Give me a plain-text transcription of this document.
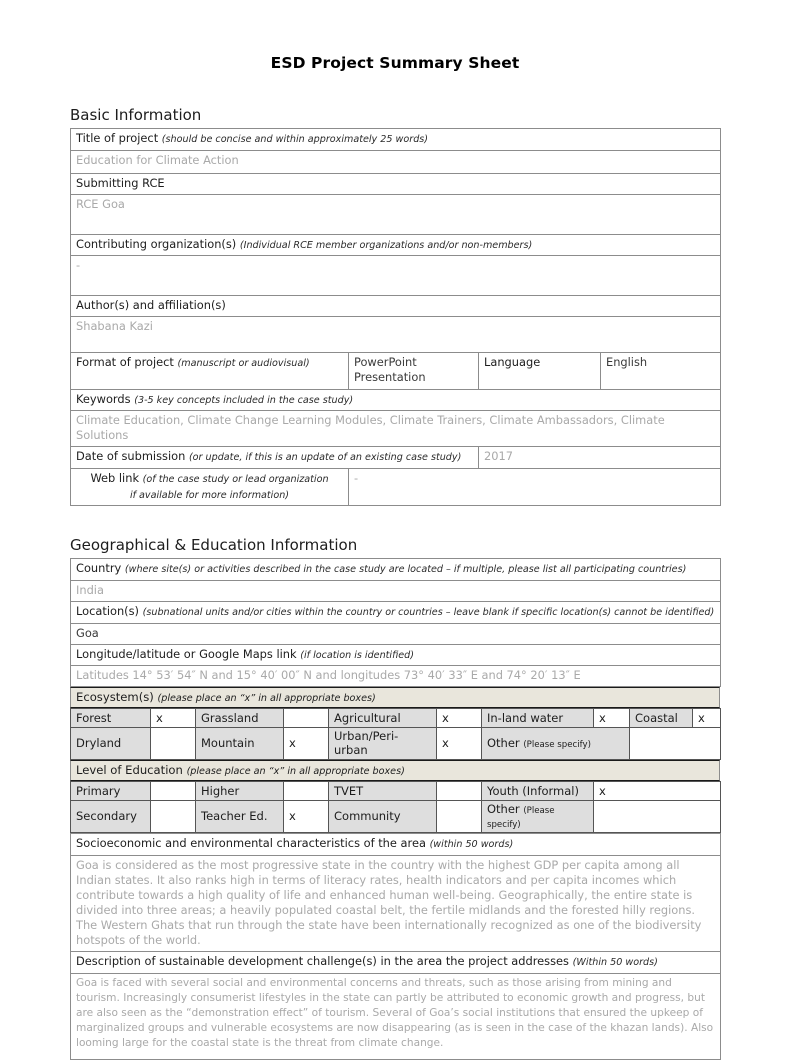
ESD Project Summary Sheet
Basic Information
Title of project (should be concise and within approximately 25 words)			
Education for Climate Action			
Submitting RCE			
RCE Goa			
Contributing organization(s) (Individual RCE member organizations and/or non-members)			
-			
Author(s) and affiliation(s)			
Shabana Kazi			
Format of project (manuscript or audiovisual)	PowerPoint Presentation	Language	English
Keywords (3-5 key concepts included in the case study)			
Climate Education, Climate Change Learning Modules, Climate Trainers, Climate Ambassadors, Climate Solutions			
Date of submission (or update, if this is an update of an existing case study)		2017	
Web link (of the case study or lead organization
if available for more information)	-		
Geographical & Education Information
Country (where site(s) or activities described in the case study are located – if multiple, please list all participating countries)
India
Location(s) (subnational units and/or cities within the country or countries – leave blank if specific location(s) cannot be identified)
Goa
Longitude/latitude or Google Maps link (if location is identified)
Latitudes 14° 53′ 54″ N and 15° 40′ 00″ N and longitudes 73° 40′ 33″ E and 74° 20′ 13″ E
Ecosystem(s) (please place an “x” in all appropriate boxes)
Forest	x	Grassland		Agricultural	x	In-land water	x	Coastal	x
Dryland		Mountain	x	Urban/Peri-urban	x	Other (Please specify)			
Level of Education (please place an “x” in all appropriate boxes)
Primary		Higher		TVET		Youth (Informal)	x
Secondary		Teacher Ed.	x	Community		Other (Please specify)	
Socioeconomic and environmental characteristics of the area (within 50 words)
Goa is considered as the most progressive state in the country with the highest GDP per capita among all Indian states. It also ranks high in terms of literacy rates, health indicators and per capita incomes which contribute towards a high quality of life and enhanced human well-being. Geographically, the entire state is divided into three areas; a heavily populated coastal belt, the fertile midlands and the forested hilly regions. The Western Ghats that run through the state have been internationally recognized as one of the biodiversity hotspots of the world.
Description of sustainable development challenge(s) in the area the project addresses (Within 50 words)
Goa is faced with several social and environmental concerns and threats, such as those arising from mining and tourism. Increasingly consumerist lifestyles in the state can partly be attributed to economic growth and progress, but are also seen as the “demonstration effect” of tourism. Several of Goa’s social institutions that ensured the upkeep of marginalized groups and vulnerable ecosystems are now disappearing (as is seen in the case of the khazan lands). Also looming large for the coastal state is the threat from climate change.
